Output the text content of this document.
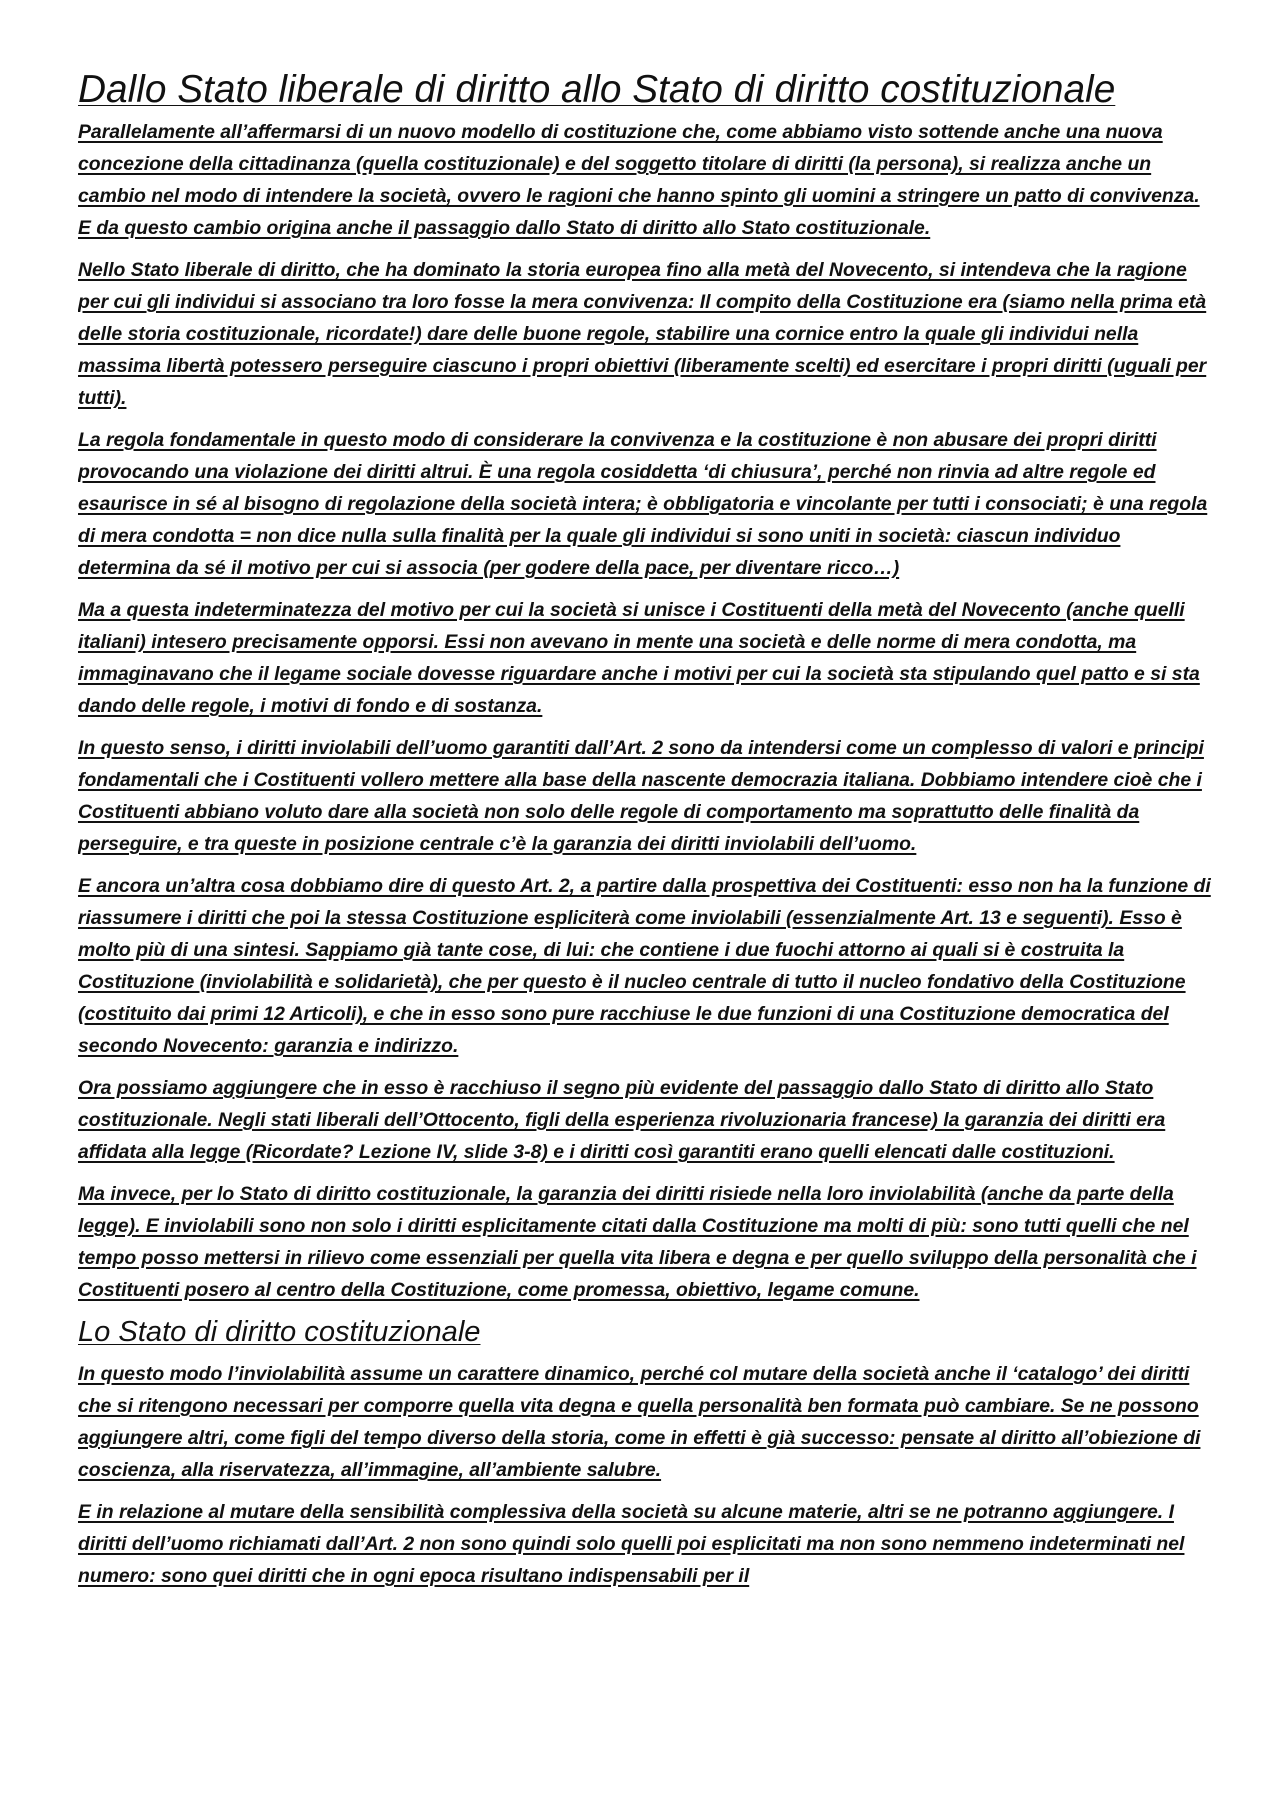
Dallo Stato liberale di diritto allo Stato di diritto costituzionale

Parallelamente all’affermarsi di un nuovo modello di costituzione che, come abbiamo visto sottende anche una nuova concezione della cittadinanza (quella costituzionale) e del soggetto titolare di diritti (la persona), si realizza anche un cambio nel modo di intendere la società, ovvero le ragioni che hanno spinto gli uomini a stringere un patto di convivenza. E da questo cambio origina anche il passaggio dallo Stato di diritto allo Stato costituzionale.

Nello Stato liberale di diritto, che ha dominato la storia europea fino alla metà del Novecento, si intendeva che la ragione per cui gli individui si associano tra loro fosse la mera convivenza: Il compito della Costituzione era (siamo nella prima età delle storia costituzionale, ricordate!) dare delle buone regole, stabilire una cornice entro la quale gli individui nella massima libertà potessero perseguire ciascuno i propri obiettivi (liberamente scelti) ed esercitare i propri diritti (uguali per tutti).

La regola fondamentale in questo modo di considerare la convivenza e la costituzione è non abusare dei propri diritti provocando una violazione dei diritti altrui. È una regola cosiddetta ‘di chiusura’, perché non rinvia ad altre regole ed esaurisce in sé al bisogno di regolazione della società intera; è obbligatoria e vincolante per tutti i consociati; è una regola di mera condotta = non dice nulla sulla finalità per la quale gli individui si sono uniti in società: ciascun individuo determina da sé il motivo per cui si associa (per godere della pace, per diventare ricco…)

Ma a questa indeterminatezza del motivo per cui la società si unisce i Costituenti della metà del Novecento (anche quelli italiani) intesero precisamente opporsi. Essi non avevano in mente una società e delle norme di mera condotta, ma immaginavano che il legame sociale dovesse riguardare anche i motivi per cui la società sta stipulando quel patto e si sta dando delle regole, i motivi di fondo e di sostanza.

In questo senso, i diritti inviolabili dell’uomo garantiti dall’Art. 2 sono da intendersi come un complesso di valori e principi fondamentali che i Costituenti vollero mettere alla base della nascente democrazia italiana. Dobbiamo intendere cioè che i Costituenti abbiano voluto dare alla società non solo delle regole di comportamento ma soprattutto delle finalità da perseguire, e tra queste in posizione centrale c’è la garanzia dei diritti inviolabili dell’uomo.

E ancora un’altra cosa dobbiamo dire di questo Art. 2, a partire dalla prospettiva dei Costituenti: esso non ha la funzione di riassumere i diritti che poi la stessa Costituzione espliciterà come inviolabili (essenzialmente Art. 13 e seguenti). Esso è molto più di una sintesi. Sappiamo già tante cose, di lui: che contiene i due fuochi attorno ai quali si è costruita la Costituzione (inviolabilità e solidarietà), che per questo è il nucleo centrale di tutto il nucleo fondativo della Costituzione (costituito dai primi 12 Articoli), e che in esso sono pure racchiuse le due funzioni di una Costituzione democratica del secondo Novecento: garanzia e indirizzo.

Ora possiamo aggiungere che in esso è racchiuso il segno più evidente del passaggio dallo Stato di diritto allo Stato costituzionale. Negli stati liberali dell’Ottocento, figli della esperienza rivoluzionaria francese) la garanzia dei diritti era affidata alla legge (Ricordate? Lezione IV, slide 3-8) e i diritti così garantiti erano quelli elencati dalle costituzioni.

Ma invece, per lo Stato di diritto costituzionale, la garanzia dei diritti risiede nella loro inviolabilità (anche da parte della legge). E inviolabili sono non solo i diritti esplicitamente citati dalla Costituzione ma molti di più: sono tutti quelli che nel tempo posso mettersi in rilievo come essenziali per quella vita libera e degna e per quello sviluppo della personalità che i Costituenti posero al centro della Costituzione, come promessa, obiettivo, legame comune.

Lo Stato di diritto costituzionale

In questo modo l’inviolabilità assume un carattere dinamico, perché col mutare della società anche il ‘catalogo’ dei diritti che si ritengono necessari per comporre quella vita degna e quella personalità ben formata può cambiare. Se ne possono aggiungere altri, come figli del tempo diverso della storia, come in effetti è già successo: pensate al diritto all’obiezione di coscienza, alla riservatezza, all’immagine, all’ambiente salubre.

E in relazione al mutare della sensibilità complessiva della società su alcune materie, altri se ne potranno aggiungere. I diritti dell’uomo richiamati dall’Art. 2 non sono quindi solo quelli poi esplicitati ma non sono nemmeno indeterminati nel numero: sono quei diritti che in ogni epoca risultano indispensabili per il
